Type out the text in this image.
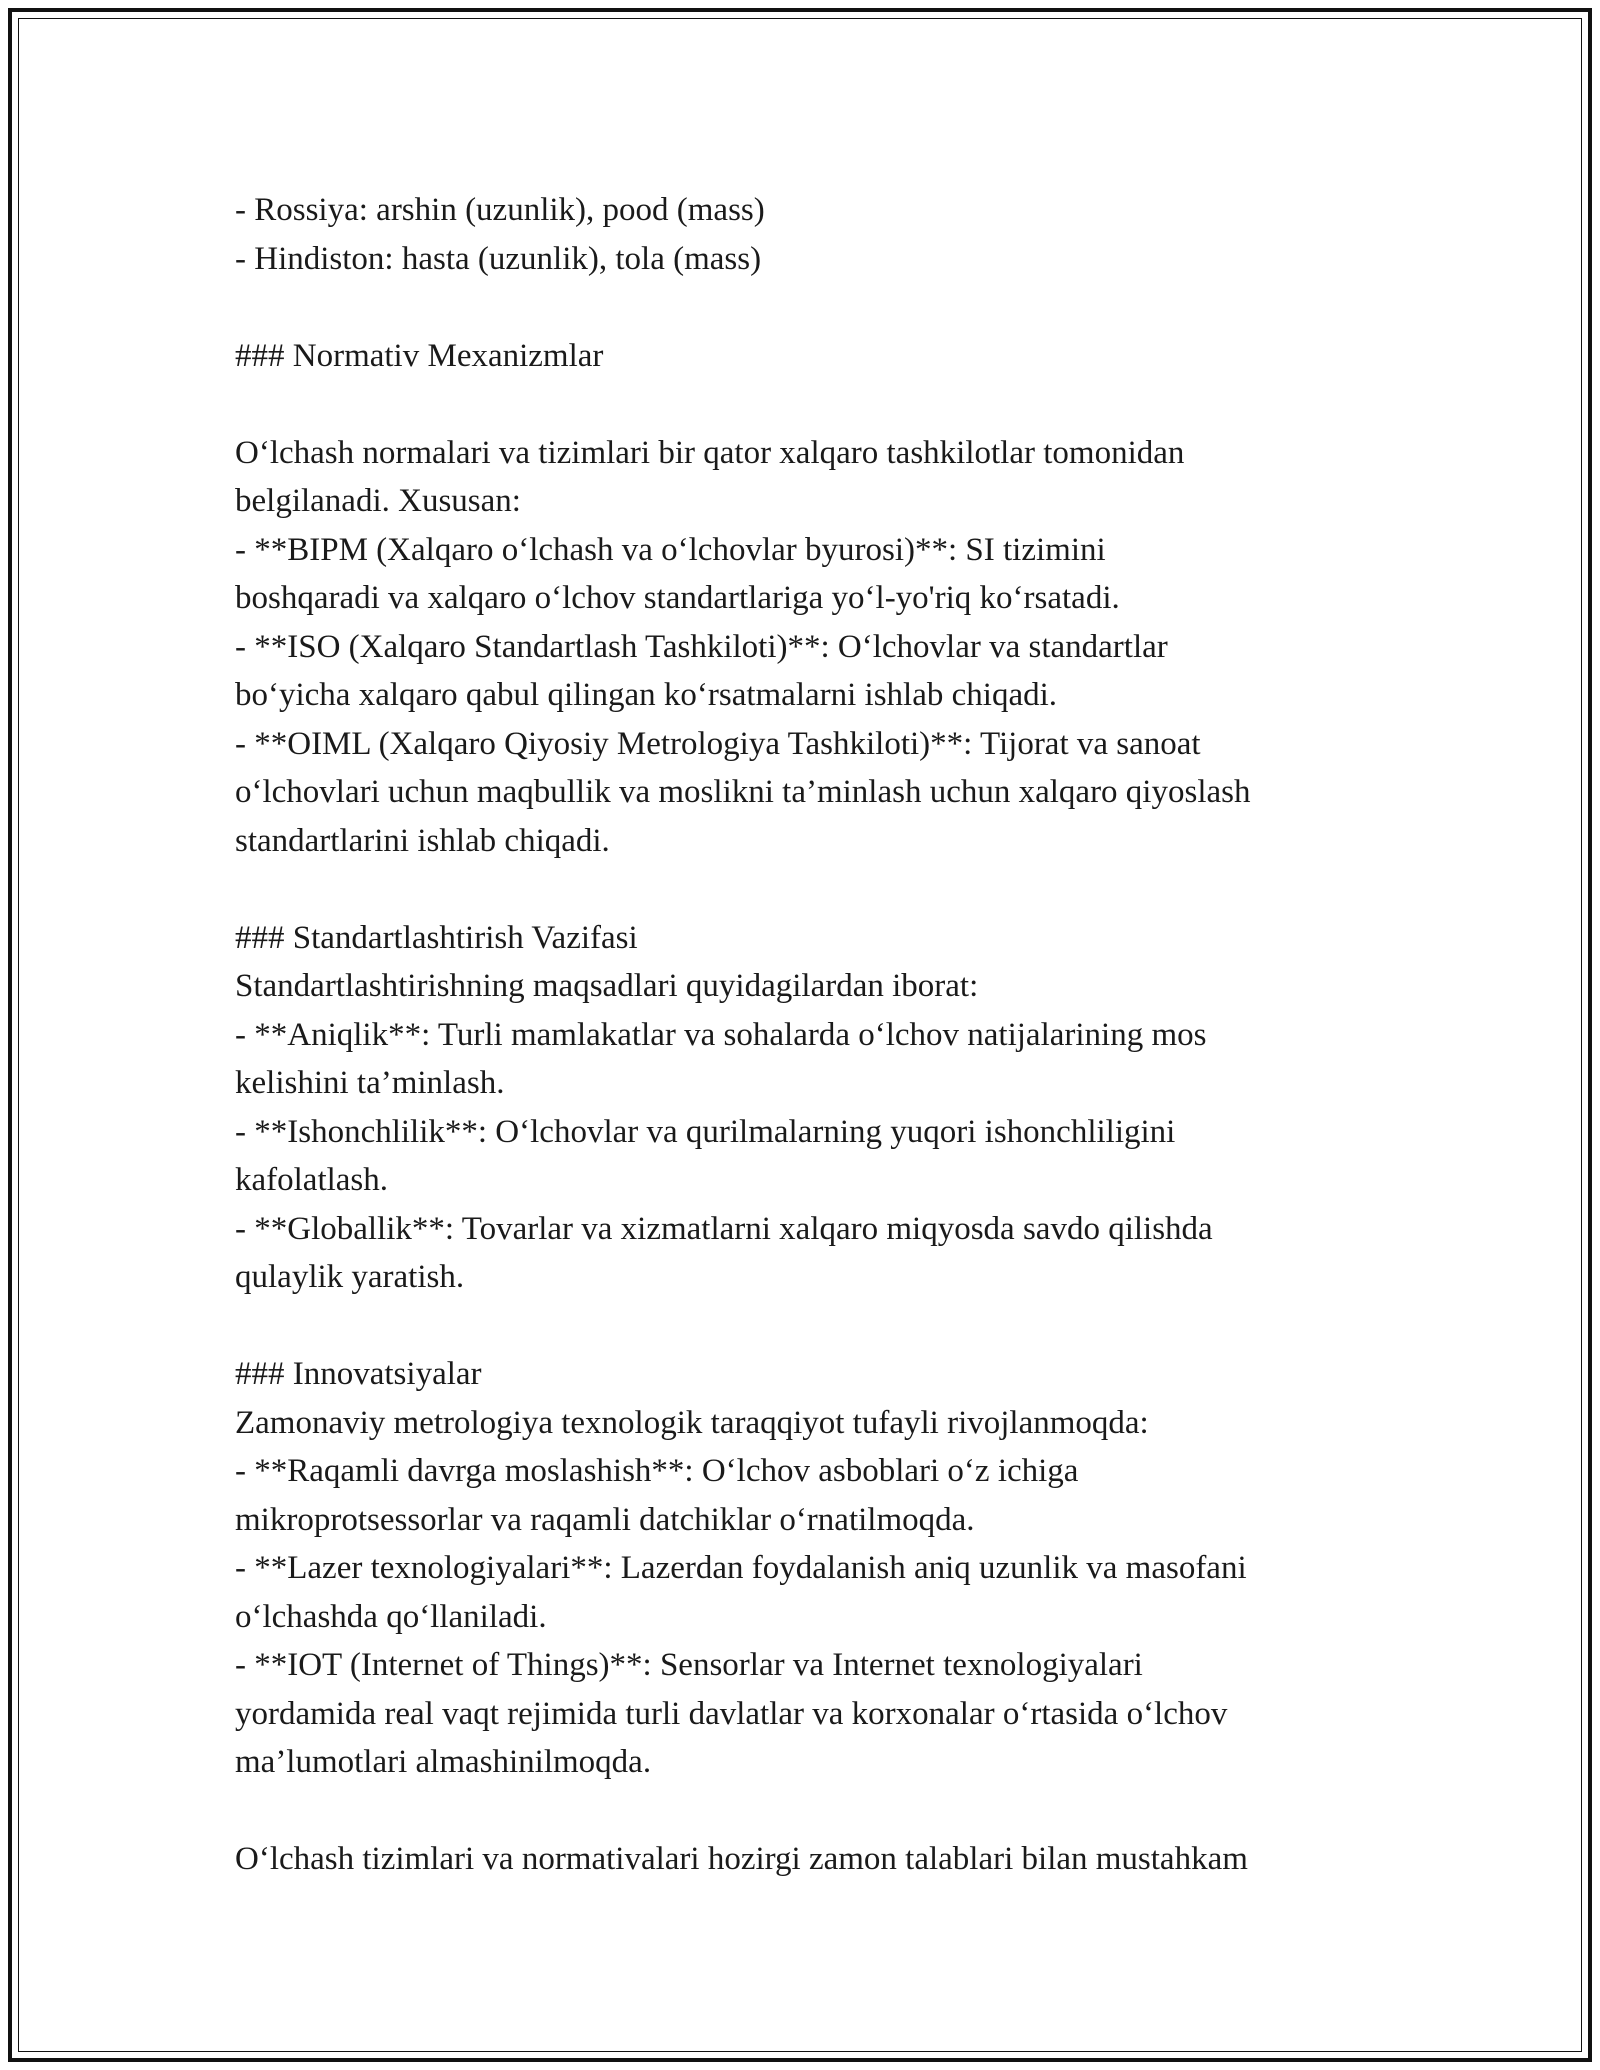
- Rossiya: arshin (uzunlik), pood (mass)
- Hindiston: hasta (uzunlik), tola (mass)
### Normativ Mexanizmlar
O‘lchash normalari va tizimlari bir qator xalqaro tashkilotlar tomonidan
belgilanadi. Xususan:
- **BIPM (Xalqaro o‘lchash va o‘lchovlar byurosi)**: SI tizimini
boshqaradi va xalqaro o‘lchov standartlariga yo‘l-yo'riq ko‘rsatadi.
- **ISO (Xalqaro Standartlash Tashkiloti)**: O‘lchovlar va standartlar
bo‘yicha xalqaro qabul qilingan ko‘rsatmalarni ishlab chiqadi.
- **OIML (Xalqaro Qiyosiy Metrologiya Tashkiloti)**: Tijorat va sanoat
o‘lchovlari uchun maqbullik va moslikni ta’minlash uchun xalqaro qiyoslash
standartlarini ishlab chiqadi.
### Standartlashtirish Vazifasi
Standartlashtirishning maqsadlari quyidagilardan iborat:
- **Aniqlik**: Turli mamlakatlar va sohalarda o‘lchov natijalarining mos
kelishini ta’minlash.
- **Ishonchlilik**: O‘lchovlar va qurilmalarning yuqori ishonchliligini
kafolatlash.
- **Globallik**: Tovarlar va xizmatlarni xalqaro miqyosda savdo qilishda
qulaylik yaratish.
### Innovatsiyalar
Zamonaviy metrologiya texnologik taraqqiyot tufayli rivojlanmoqda:
- **Raqamli davrga moslashish**: O‘lchov asboblari o‘z ichiga
mikroprotsessorlar va raqamli datchiklar o‘rnatilmoqda.
- **Lazer texnologiyalari**: Lazerdan foydalanish aniq uzunlik va masofani
o‘lchashda qo‘llaniladi.
- **IOT (Internet of Things)**: Sensorlar va Internet texnologiyalari
yordamida real vaqt rejimida turli davlatlar va korxonalar o‘rtasida o‘lchov
ma’lumotlari almashinilmoqda.
O‘lchash tizimlari va normativalari hozirgi zamon talablari bilan mustahkam
